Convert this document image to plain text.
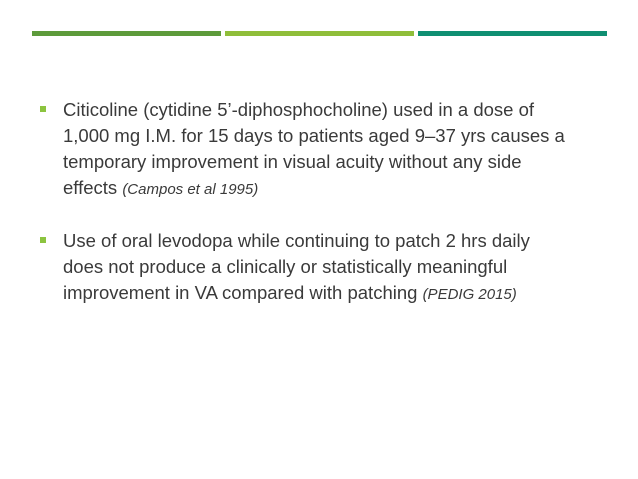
Citicoline (cytidine 5’-diphosphocholine) used in a dose of 1,000 mg I.M. for 15 days to patients aged 9–37 yrs causes a temporary improvement in visual acuity without any side effects (Campos et al 1995)
Use of oral levodopa while continuing to patch 2 hrs daily does not produce a clinically or statistically meaningful improvement in VA compared with patching (PEDIG 2015)
